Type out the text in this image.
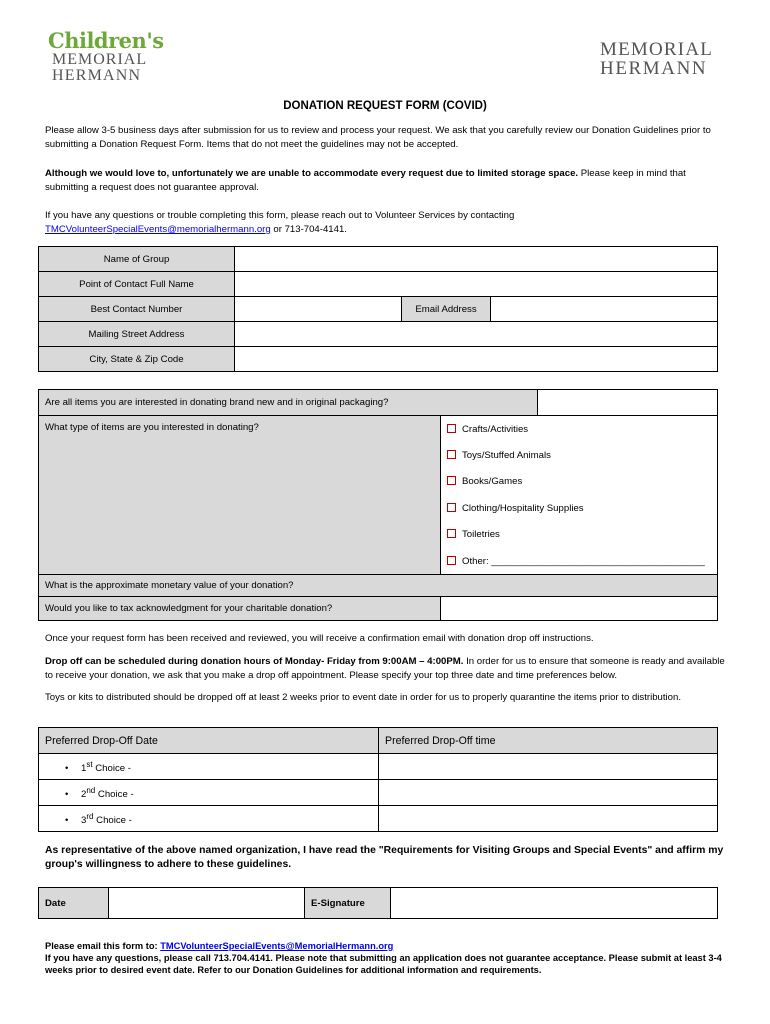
Children's
MEMORIAL
HERMANN
MEMORIAL
HERMANN
DONATION REQUEST FORM (COVID)
Please allow 3-5 business days after submission for us to review and process your request. We ask that you carefully review our Donation Guidelines prior to submitting a Donation Request Form. Items that do not meet the guidelines may not be accepted.
Although we would love to, unfortunately we are unable to accommodate every request due to limited storage space. Please keep in mind that submitting a request does not guarantee approval.
If you have any questions or trouble completing this form, please reach out to Volunteer Services by contacting
TMCVolunteerSpecialEvents@memorialhermann.org or 713-704-4141.
Name of Group			
Point of Contact Full Name			
Best Contact Number		Email Address	
Mailing Street Address			
City, State & Zip Code			
Are all items you are interested in donating brand new and in original packaging?		
What type of items are you interested in donating?	Crafts/Activities	
	Toys/Stuffed Animals	
	Books/Games	
	Clothing/Hospitality Supplies	
	Toiletries	
	Other: ________________________________________	
What is the approximate monetary value of your donation?		
Would you like to tax acknowledgment for your charitable donation?		
Once your request form has been received and reviewed, you will receive a confirmation email with donation drop off instructions.
Drop off can be scheduled during donation hours of Monday- Friday from 9:00AM – 4:00PM. In order for us to ensure that someone is ready and available to receive your donation, we ask that you make a drop off appointment. Please specify your top three date and time preferences below.
Toys or kits to distributed should be dropped off at least 2 weeks prior to event date in order for us to properly quarantine the items prior to distribution.
Preferred Drop-Off Date	Preferred Drop-Off time
• 1st Choice -	
• 2nd Choice -	
• 3rd Choice -	
As representative of the above named organization, I have read the "Requirements for Visiting Groups and Special Events" and affirm my group's willingness to adhere to these guidelines.
Date		E-Signature	
Please email this form to: TMCVolunteerSpecialEvents@MemorialHermann.org
If you have any questions, please call 713.704.4141. Please note that submitting an application does not guarantee acceptance. Please submit at least 3-4 weeks prior to desired event date. Refer to our Donation Guidelines for additional information and requirements.
